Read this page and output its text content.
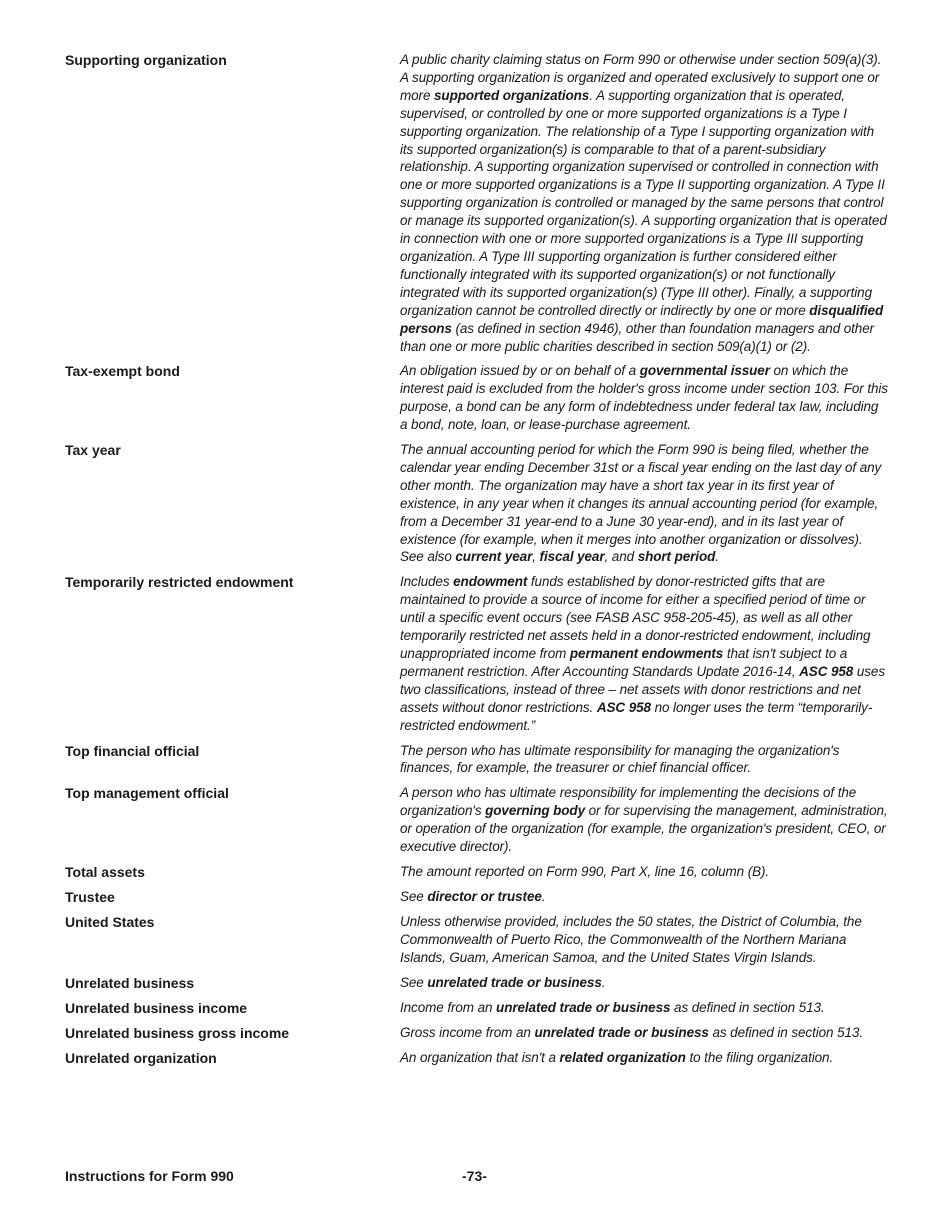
Supporting organization	A public charity claiming status on Form 990 or otherwise under section 509(a)(3). A supporting organization is organized and operated exclusively to support one or more supported organizations. A supporting organization that is operated, supervised, or controlled by one or more supported organizations is a Type I supporting organization. The relationship of a Type I supporting organization with its supported organization(s) is comparable to that of a parent-subsidiary relationship. A supporting organization supervised or controlled in connection with one or more supported organizations is a Type II supporting organization. A Type II supporting organization is controlled or managed by the same persons that control or manage its supported organization(s). A supporting organization that is operated in connection with one or more supported organizations is a Type III supporting organization. A Type III supporting organization is further considered either functionally integrated with its supported organization(s) or not functionally integrated with its supported organization(s) (Type III other). Finally, a supporting organization cannot be controlled directly or indirectly by one or more disqualified persons (as defined in section 4946), other than foundation managers and other than one or more public charities described in section 509(a)(1) or (2).
Tax-exempt bond	An obligation issued by or on behalf of a governmental issuer on which the interest paid is excluded from the holder's gross income under section 103. For this purpose, a bond can be any form of indebtedness under federal tax law, including a bond, note, loan, or lease-purchase agreement.
Tax year	The annual accounting period for which the Form 990 is being filed, whether the calendar year ending December 31st or a fiscal year ending on the last day of any other month. The organization may have a short tax year in its first year of existence, in any year when it changes its annual accounting period (for example, from a December 31 year-end to a June 30 year-end), and in its last year of existence (for example, when it merges into another organization or dissolves). See also current year, fiscal year, and short period.
Temporarily restricted endowment	Includes endowment funds established by donor-restricted gifts that are maintained to provide a source of income for either a specified period of time or until a specific event occurs (see FASB ASC 958-205-45), as well as all other temporarily restricted net assets held in a donor-restricted endowment, including unappropriated income from permanent endowments that isn't subject to a permanent restriction. After Accounting Standards Update 2016-14, ASC 958 uses two classifications, instead of three – net assets with donor restrictions and net assets without donor restrictions. ASC 958 no longer uses the term “temporarily-restricted endowment.”
Top financial official	The person who has ultimate responsibility for managing the organization's finances, for example, the treasurer or chief financial officer.
Top management official	A person who has ultimate responsibility for implementing the decisions of the organization's governing body or for supervising the management, administration, or operation of the organization (for example, the organization's president, CEO, or executive director).
Total assets	The amount reported on Form 990, Part X, line 16, column (B).
Trustee	See director or trustee.
United States	Unless otherwise provided, includes the 50 states, the District of Columbia, the Commonwealth of Puerto Rico, the Commonwealth of the Northern Mariana Islands, Guam, American Samoa, and the United States Virgin Islands.
Unrelated business	See unrelated trade or business.
Unrelated business income	Income from an unrelated trade or business as defined in section 513.
Unrelated business gross income	Gross income from an unrelated trade or business as defined in section 513.
Unrelated organization	An organization that isn't a related organization to the filing organization.
Instructions for Form 990	-73-
